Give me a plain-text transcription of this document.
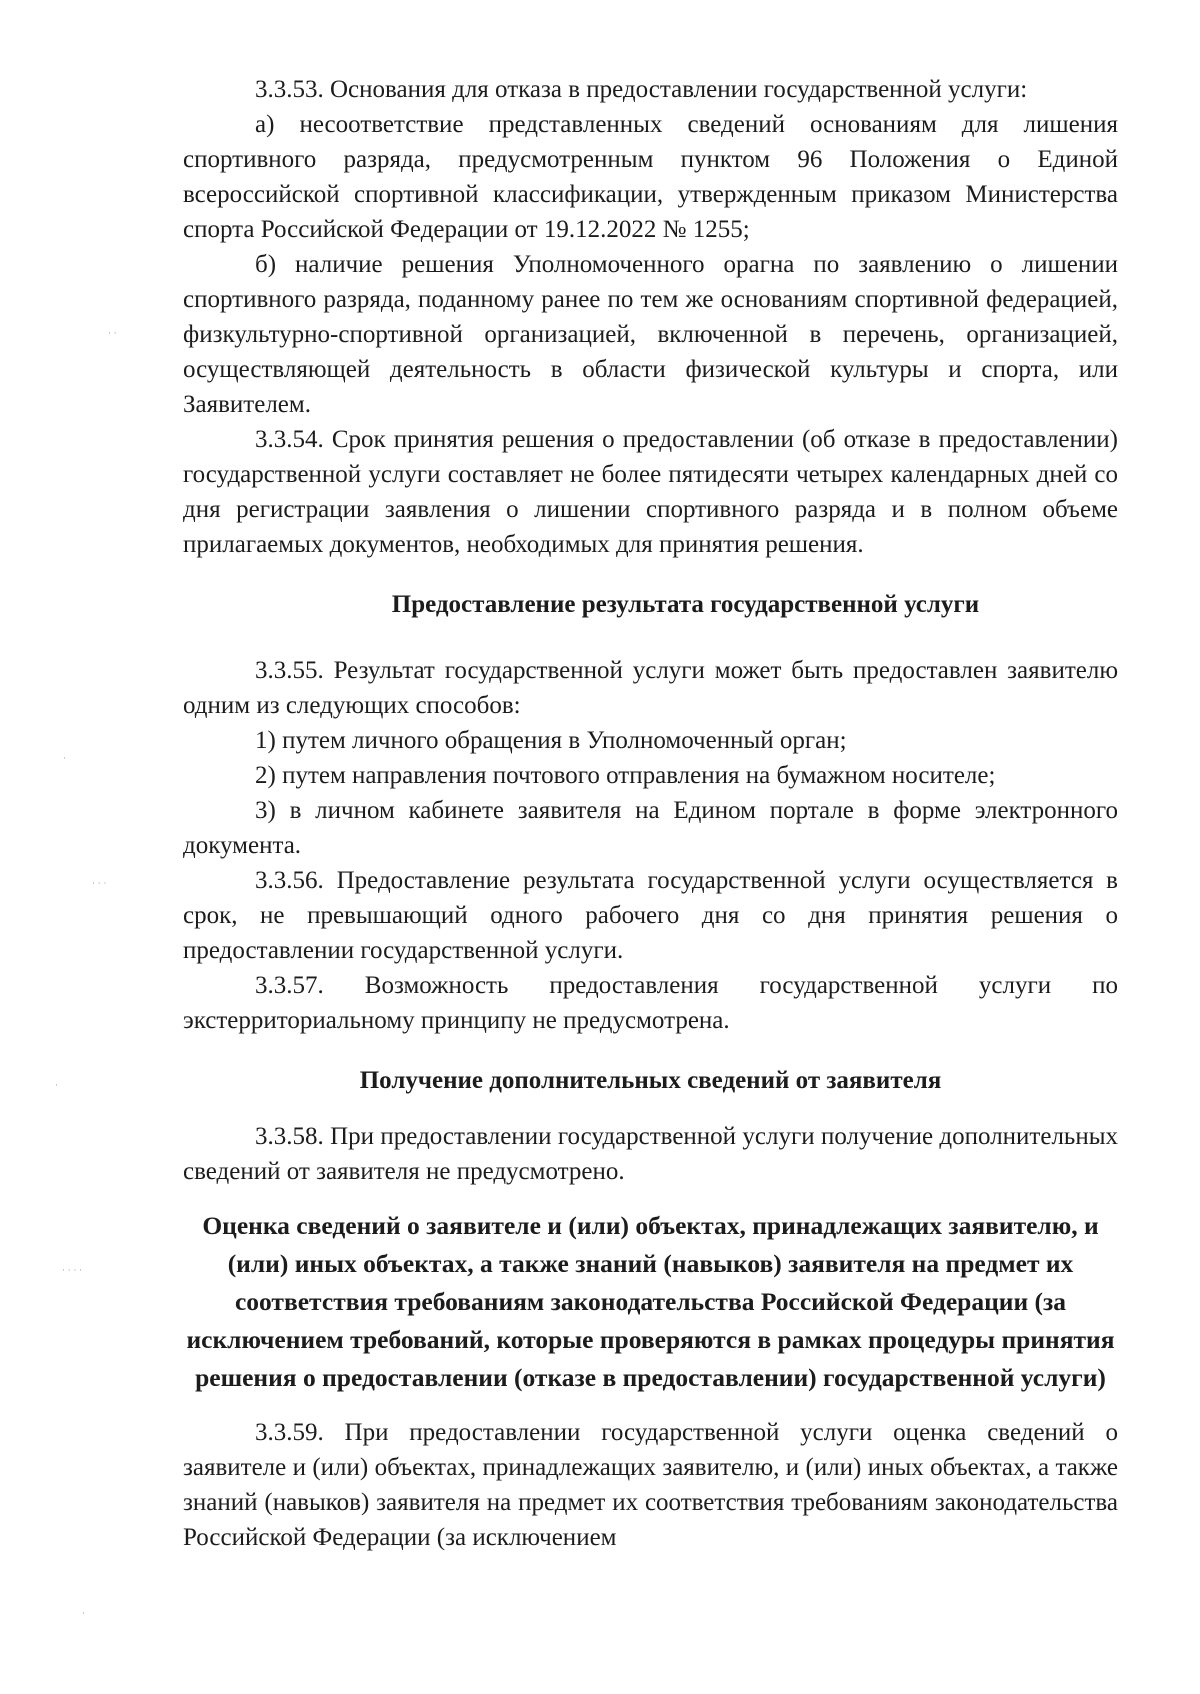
· ·
·
· · ·
·
· · · ·
·

3.3.53. Основания для отказа в предоставлении государственной услуги:

а) несоответствие представленных сведений основаниям для лишения спортивного разряда, предусмотренным пунктом 96 Положения о Единой всероссийской спортивной классификации, утвержденным приказом Министерства спорта Российской Федерации от 19.12.2022 № 1255;

б) наличие решения Уполномоченного орагна по заявлению о лишении спортивного разряда, поданному ранее по тем же основаниям спортивной федерацией, физкультурно-спортивной организацией, включенной в перечень, организацией, осуществляющей деятельность в области физической культуры и спорта, или Заявителем.

3.3.54. Срок принятия решения о предоставлении (об отказе в предоставлении) государственной услуги составляет не более пятидесяти четырех календарных дней со дня регистрации заявления о лишении спортивного разряда и в полном объеме прилагаемых документов, необходимых для принятия решения.

Предоставление результата государственной услуги

3.3.55. Результат государственной услуги может быть предоставлен заявителю одним из следующих способов:

1) путем личного обращения в Уполномоченный орган;

2) путем направления почтового отправления на бумажном носителе;

3) в личном кабинете заявителя на Едином портале в форме электронного документа.

3.3.56. Предоставление результата государственной услуги осуществляется в срок, не превышающий одного рабочего дня со дня принятия решения о предоставлении государственной услуги.

3.3.57. Возможность предоставления государственной услуги по экстерриториальному принципу не предусмотрена.

Получение дополнительных сведений от заявителя

3.3.58. При предоставлении государственной услуги получение дополнительных сведений от заявителя не предусмотрено.

Оценка сведений о заявителе и (или) объектах, принадлежащих заявителю, и (или) иных объектах, а также знаний (навыков) заявителя на предмет их соответствия требованиям законодательства Российской Федерации (за исключением требований, которые проверяются в рамках процедуры принятия решения о предоставлении (отказе в предоставлении) государственной услуги)

3.3.59. При предоставлении государственной услуги оценка сведений о заявителе и (или) объектах, принадлежащих заявителю, и (или) иных объектах, а также знаний (навыков) заявителя на предмет их соответствия требованиям законодательства Российской Федерации (за исключением
